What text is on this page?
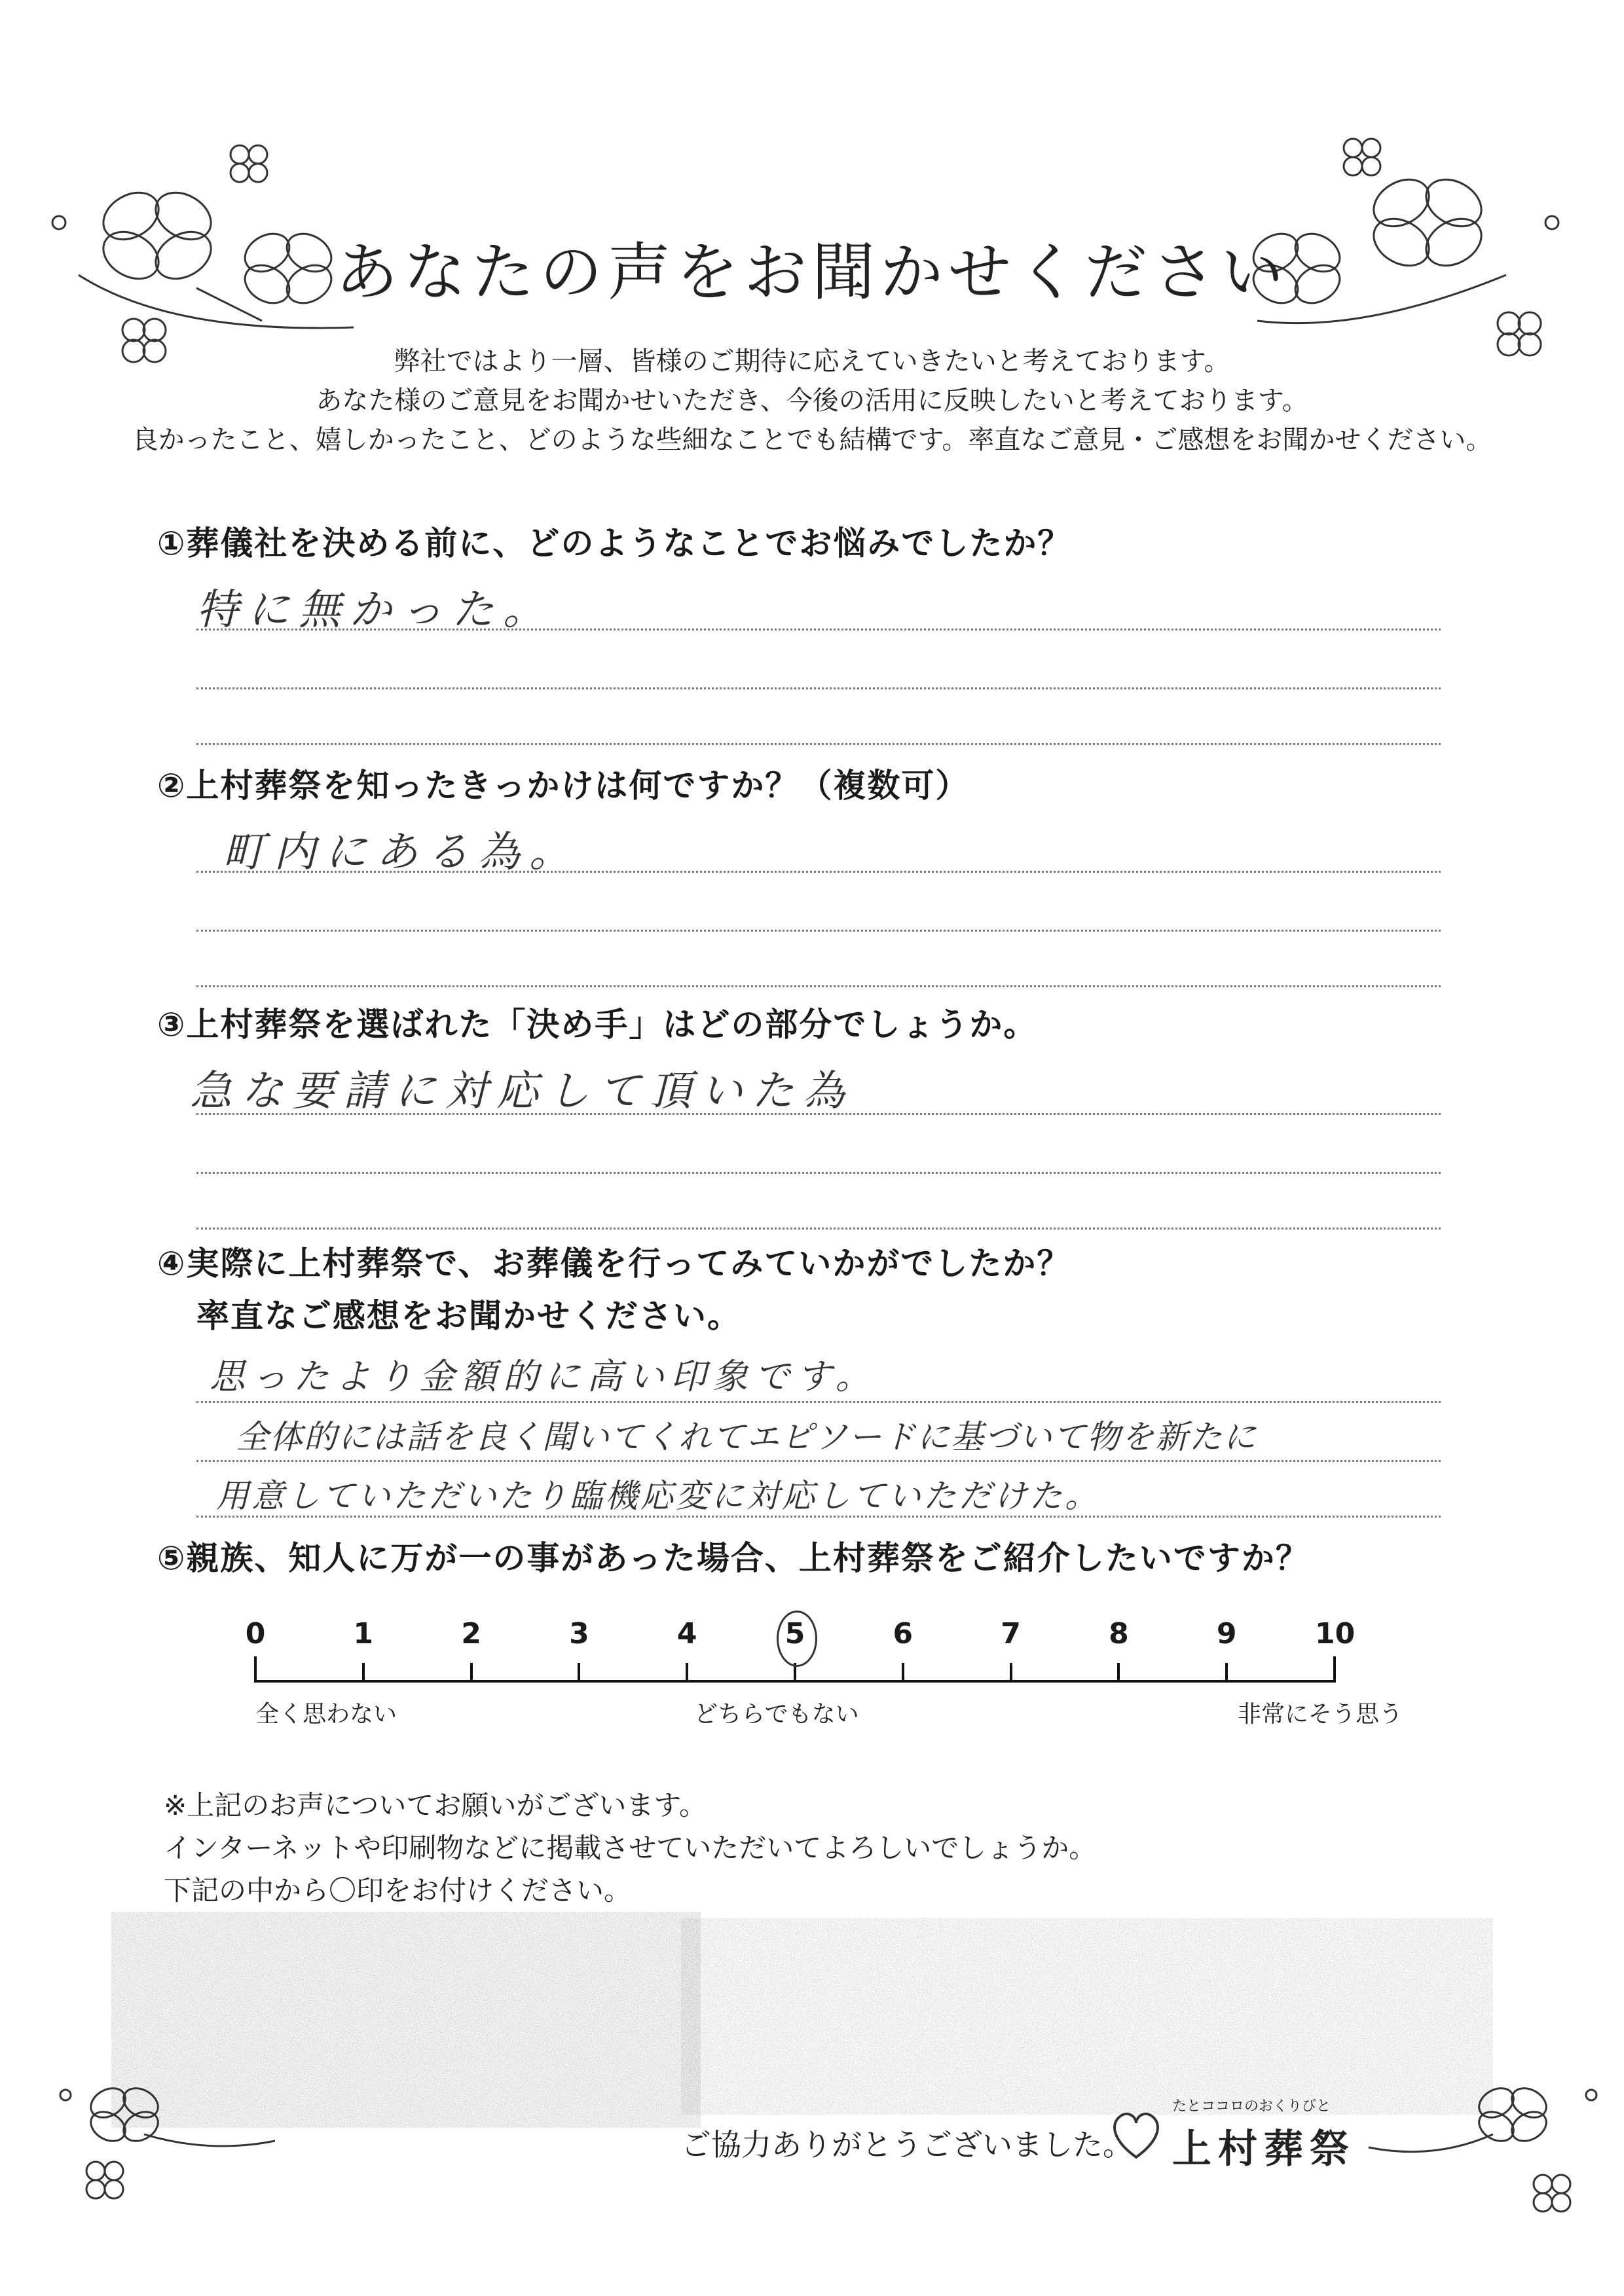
あなたの声をお聞かせください
弊社ではより一層、皆様のご期待に応えていきたいと考えております。
あなた様のご意見をお聞かせいただき、今後の活用に反映したいと考えております。
良かったこと、嬉しかったこと、どのような些細なことでも結構です。率直なご意見・ご感想をお聞かせください。
①葬儀社を決める前に、どのようなことでお悩みでしたか？
特に無かった。
②上村葬祭を知ったきっかけは何ですか？（複数可）
町内にある為。
③上村葬祭を選ばれた「決め手」はどの部分でしょうか。
急な要請に対応して頂いた為
④実際に上村葬祭で、お葬儀を行ってみていかがでしたか？
率直なご感想をお聞かせください。
思ったより金額的に高い印象です。
全体的には話を良く聞いてくれてエピソードに基づいて物を新たに
用意していただいたり臨機応変に対応していただけた。
⑤親族、知人に万が一の事があった場合、上村葬祭をご紹介したいですか？
全く思わない	どちらでもない	非常にそう思う
※上記のお声についてお願いがございます。
インターネットや印刷物などに掲載させていただいてよろしいでしょうか。
下記の中から〇印をお付けください。
ご協力ありがとうございました。
たとココロのおくりびと
上村葬祭
0	1	2	3	4	5	6	7	8	9	10
